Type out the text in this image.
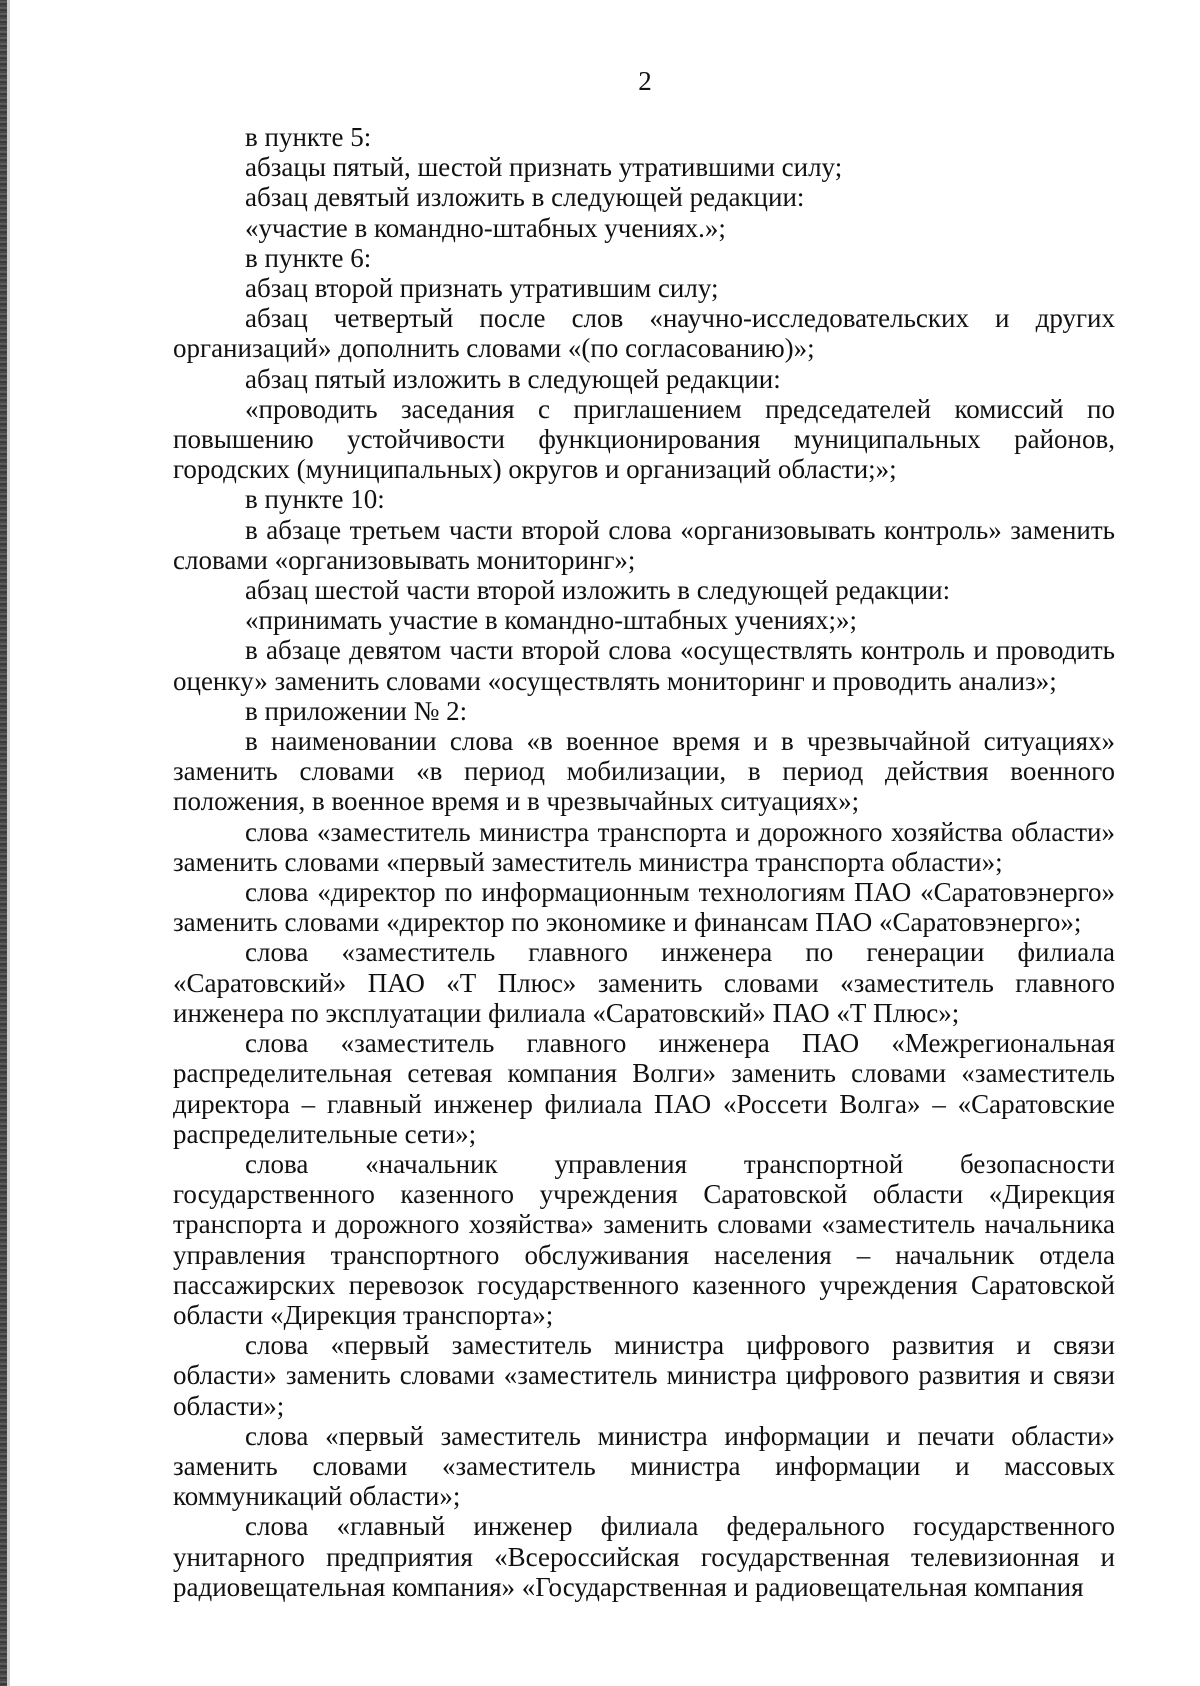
2

в пункте 5:

абзацы пятый, шестой признать утратившими силу;

абзац девятый изложить в следующей редакции:

«участие в командно-штабных учениях.»;

в пункте 6:

абзац второй признать утратившим силу;

абзац четвертый после слов «научно-исследовательских и других организаций» дополнить словами «(по согласованию)»;

абзац пятый изложить в следующей редакции:

«проводить заседания с приглашением председателей комиссий по повышению устойчивости функционирования муниципальных районов, городских (муниципальных) округов и организаций области;»;

в пункте 10:

в абзаце третьем части второй слова «организовывать контроль» заменить словами «организовывать мониторинг»;

абзац шестой части второй изложить в следующей редакции:

«принимать участие в командно-штабных учениях;»;

в абзаце девятом части второй слова «осуществлять контроль и проводить оценку» заменить словами «осуществлять мониторинг и проводить анализ»;

в приложении № 2:

в наименовании слова «в военное время и в чрезвычайной ситуациях» заменить словами «в период мобилизации, в период действия военного положения, в военное время и в чрезвычайных ситуациях»;

слова «заместитель министра транспорта и дорожного хозяйства области» заменить словами «первый заместитель министра транспорта области»;

слова «директор по информационным технологиям ПАО «Саратовэнерго» заменить словами «директор по экономике и финансам ПАО «Саратовэнерго»;

слова «заместитель главного инженера по генерации филиала «Саратовский» ПАО «Т Плюс» заменить словами «заместитель главного инженера по эксплуатации филиала «Саратовский» ПАО «Т Плюс»;

слова «заместитель главного инженера ПАО «Межрегиональная распределительная сетевая компания Волги» заменить словами «заместитель директора – главный инженер филиала ПАО «Россети Волга» – «Саратовские распределительные сети»;

слова «начальник управления транспортной безопасности государственного казенного учреждения Саратовской области «Дирекция транспорта и дорожного хозяйства» заменить словами «заместитель начальника управления транспортного обслуживания населения – начальник отдела пассажирских перевозок государственного казенного учреждения Саратовской области «Дирекция транспорта»;

слова «первый заместитель министра цифрового развития и связи области» заменить словами «заместитель министра цифрового развития и связи области»;

слова «первый заместитель министра информации и печати области» заменить словами «заместитель министра информации и массовых коммуникаций области»;

слова «главный инженер филиала федерального государственного унитарного предприятия «Всероссийская государственная телевизионная и радиовещательная компания» «Государственная и радиовещательная компания
